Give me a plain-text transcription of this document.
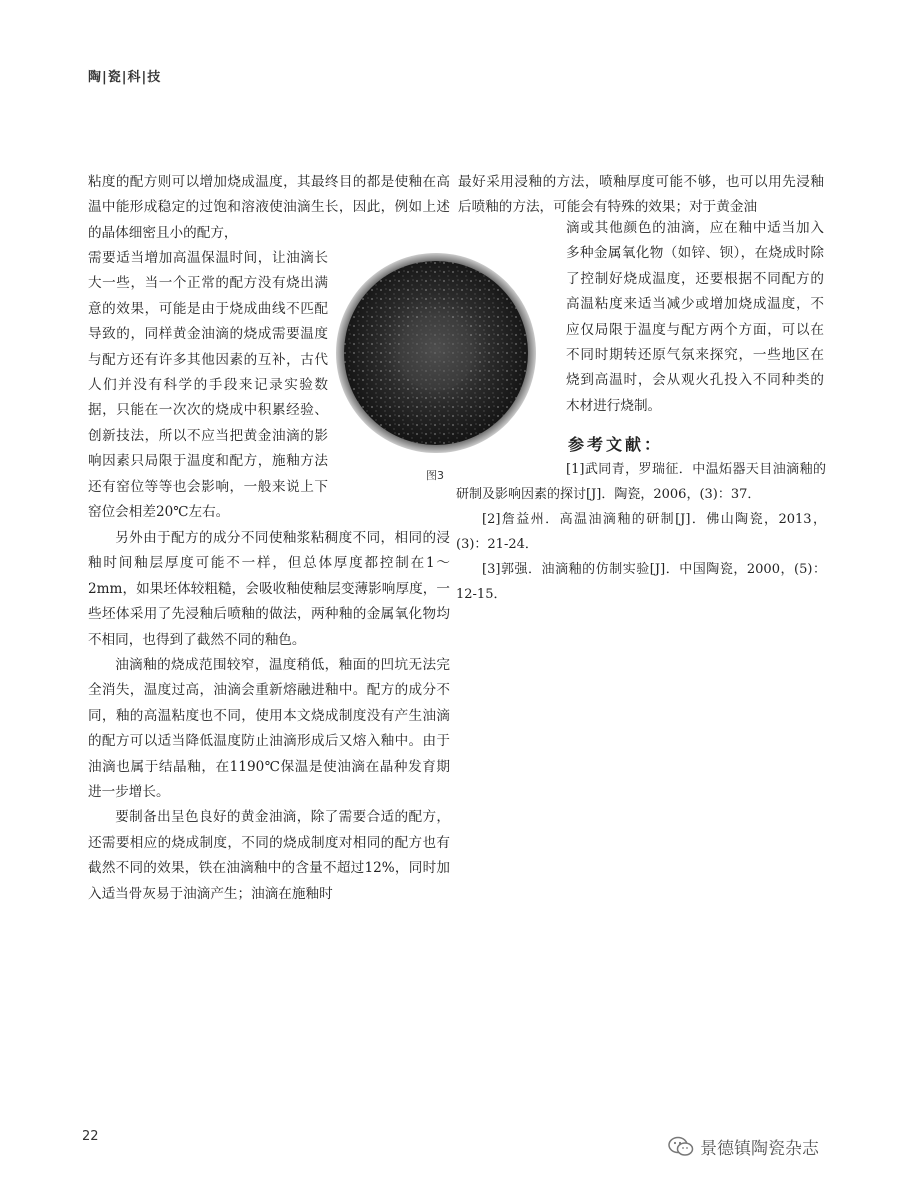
陶|瓷|科|技

粘度的配方则可以增加烧成温度，其最终目的都是使釉在高温中能形成稳定的过饱和溶液使油滴生长，因此，例如上述的晶体细密且小的配方，

需要适当增加高温保温时间，让油滴长大一些，当一个正常的配方没有烧出满意的效果，可能是由于烧成曲线不匹配导致的，同样黄金油滴的烧成需要温度与配方还有许多其他因素的互补，古代人们并没有科学的手段来记录实验数据，只能在一次次的烧成中积累经验、创新技法，所以不应当把黄金油滴的影响因素只局限于温度和配方，施釉方法还有窑位等等也会影响，一般来说上下窑位会相差20℃左右。

另外由于配方的成分不同使釉浆粘稠度不同，相同的浸釉时间釉层厚度可能不一样，但总体厚度都控制在1～2mm，如果坯体较粗糙，会吸收釉使釉层变薄影响厚度，一些坯体采用了先浸釉后喷釉的做法，两种釉的金属氧化物均不相同，也得到了截然不同的釉色。

油滴釉的烧成范围较窄，温度稍低，釉面的凹坑无法完全消失，温度过高，油滴会重新熔融进釉中。配方的成分不同，釉的高温粘度也不同，使用本文烧成制度没有产生油滴的配方可以适当降低温度防止油滴形成后又熔入釉中。由于油滴也属于结晶釉，在1190℃保温是使油滴在晶种发育期进一步增长。

要制备出呈色良好的黄金油滴，除了需要合适的配方，还需要相应的烧成制度，不同的烧成制度对相同的配方也有截然不同的效果，铁在油滴釉中的含量不超过12%，同时加入适当骨灰易于油滴产生；油滴在施釉时

图3

最好采用浸釉的方法，喷釉厚度可能不够，也可以用先浸釉后喷釉的方法，可能会有特殊的效果；对于黄金油

滴或其他颜色的油滴，应在釉中适当加入多种金属氧化物（如锌、钡），在烧成时除了控制好烧成温度，还要根据不同配方的高温粘度来适当减少或增加烧成温度，不应仅局限于温度与配方两个方面，可以在不同时期转还原气氛来探究，一些地区在烧到高温时，会从观火孔投入不同种类的木材进行烧制。

参考文献：

[1]武同青，罗瑞征．中温炻器天目油滴釉的研制及影响因素的探讨[J]．陶瓷，2006，(3)：37．

[2]詹益州．高温油滴釉的研制[J]．佛山陶瓷，2013，(3)：21-24．

[3]郭强．油滴釉的仿制实验[J]．中国陶瓷，2000，(5)：12-15．

22
景德镇陶瓷杂志
